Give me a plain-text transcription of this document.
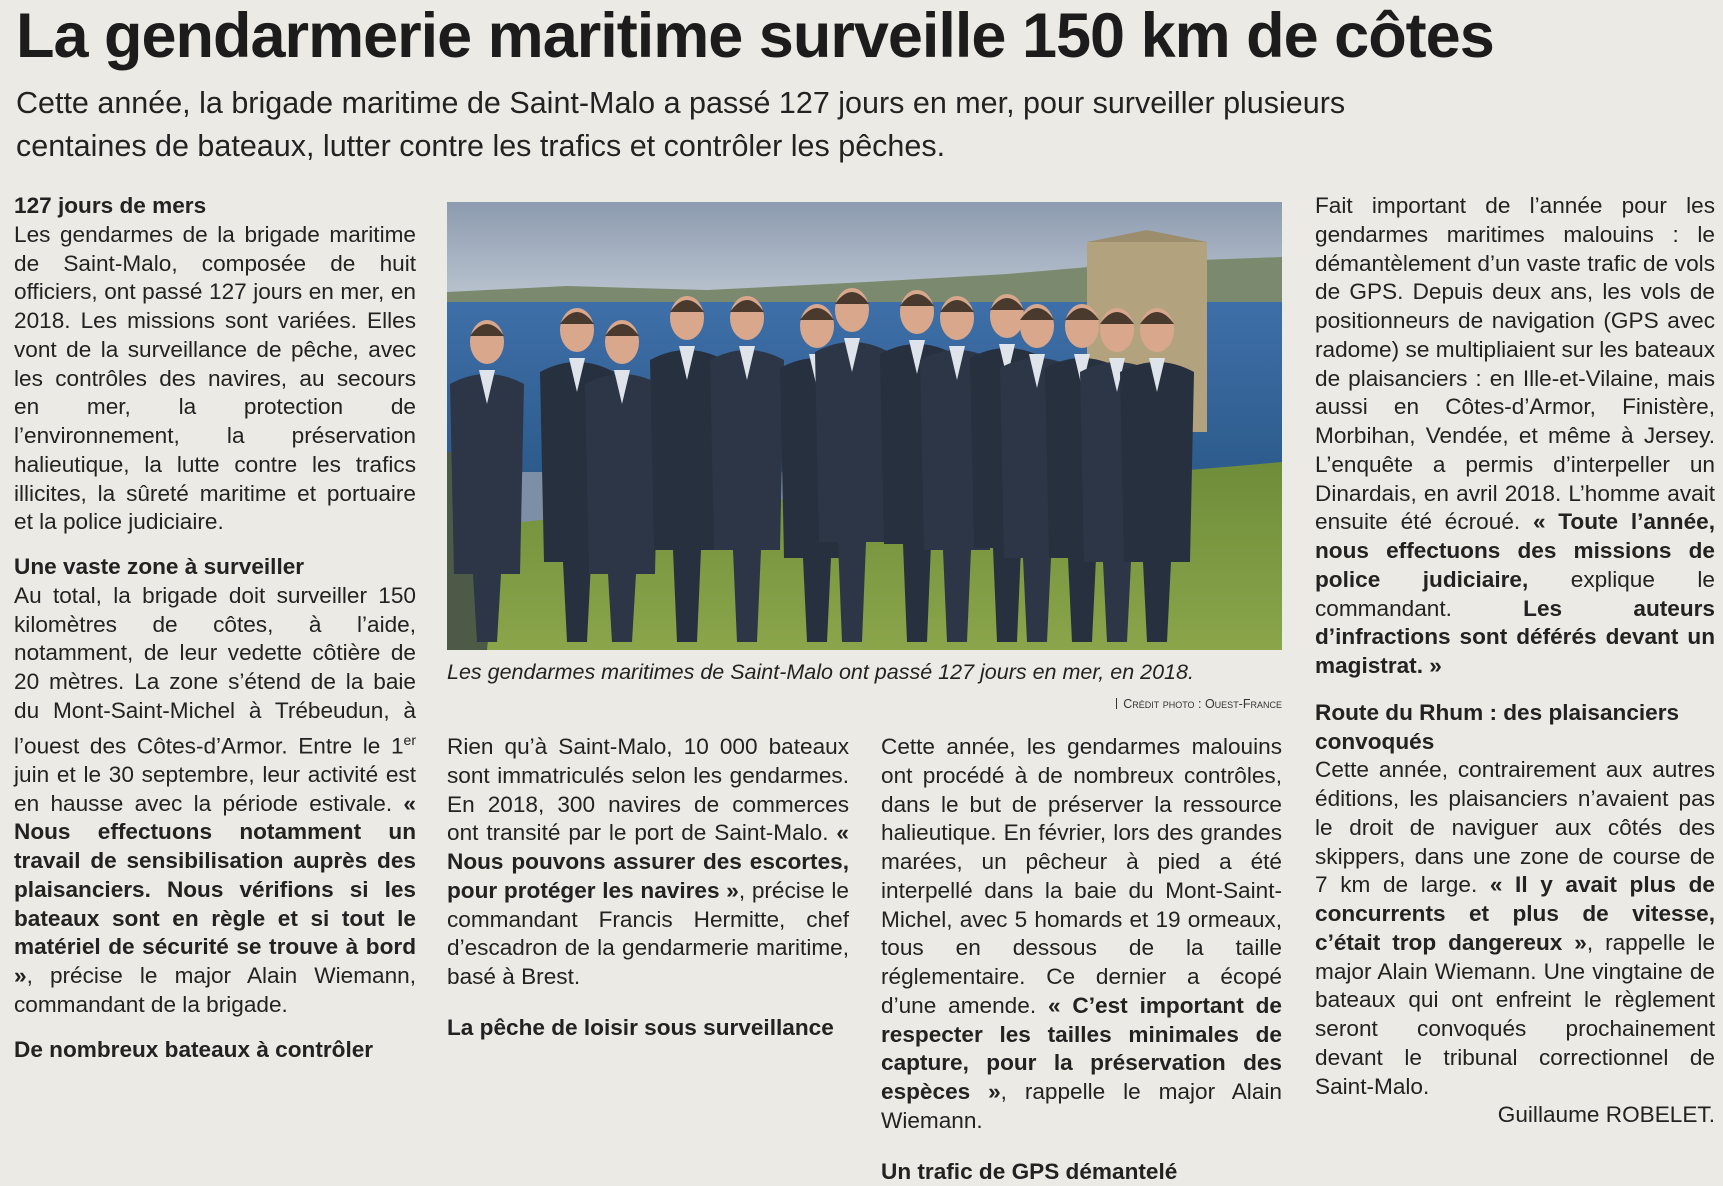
La gendarmerie maritime surveille 150 km de côtes

Cette année, la brigade maritime de Saint-Malo a passé 127 jours en mer, pour surveiller plusieurs centaines de bateaux, lutter contre les trafics et contrôler les pêches.

127 jours de mers

Les gendarmes de la brigade maritime de Saint-Malo, composée de huit officiers, ont passé 127 jours en mer, en 2018. Les missions sont variées. Elles vont de la surveillance de pêche, avec les contrôles des navires, au secours en mer, la protection de l’environnement, la préservation halieutique, la lutte contre les trafics illicites, la sûreté maritime et portuaire et la police judiciaire.

Une vaste zone à surveiller

Au total, la brigade doit surveiller 150 kilomètres de côtes, à l’aide, notamment, de leur vedette côtière de 20 mètres. La zone s’étend de la baie du Mont-Saint-Michel à Trébeudun, à l’ouest des Côtes-d’Armor. Entre le 1er juin et le 30 septembre, leur activité est en hausse avec la période estivale. « Nous effectuons notamment un travail de sensibilisation auprès des plaisanciers. Nous vérifions si les bateaux sont en règle et si tout le matériel de sécurité se trouve à bord », précise le major Alain Wiemann, commandant de la brigade.

De nombreux bateaux à contrôler

Les gendarmes maritimes de Saint-Malo ont passé 127 jours en mer, en 2018.
Crédit photo : Ouest-France

Rien qu’à Saint-Malo, 10 000 bateaux sont immatriculés selon les gendarmes. En 2018, 300 navires de commerces ont transité par le port de Saint-Malo. « Nous pouvons assurer des escortes, pour protéger les navires », précise le commandant Francis Hermitte, chef d’escadron de la gendarmerie maritime, basé à Brest.

La pêche de loisir sous surveillance

Cette année, les gendarmes malouins ont procédé à de nombreux contrôles, dans le but de préserver la ressource halieutique. En février, lors des grandes marées, un pêcheur à pied a été interpellé dans la baie du Mont-Saint-Michel, avec 5 homards et 19 ormeaux, tous en dessous de la taille réglementaire. Ce dernier a écopé d’une amende. « C’est important de respecter les tailles minimales de capture, pour la préservation des espèces », rappelle le major Alain Wiemann.

Un trafic de GPS démantelé

Fait important de l’année pour les gendarmes maritimes malouins : le démantèlement d’un vaste trafic de vols de GPS. Depuis deux ans, les vols de positionneurs de navigation (GPS avec radome) se multipliaient sur les bateaux de plaisanciers : en Ille-et-Vilaine, mais aussi en Côtes-d’Armor, Finistère, Morbihan, Vendée, et même à Jersey. L’enquête a permis d’interpeller un Dinardais, en avril 2018. L’homme avait ensuite été écroué. « Toute l’année, nous effectuons des missions de police judiciaire, explique le commandant. Les auteurs d’infractions sont déférés devant un magistrat. »

Route du Rhum : des plaisanciers convoqués

Cette année, contrairement aux autres éditions, les plaisanciers n’avaient pas le droit de naviguer aux côtés des skippers, dans une zone de course de 7 km de large. « Il y avait plus de concurrents et plus de vitesse, c’était trop dangereux », rappelle le major Alain Wiemann. Une vingtaine de bateaux qui ont enfreint le règlement seront convoqués prochainement devant le tribunal correctionnel de Saint-Malo.

Guillaume ROBELET.
